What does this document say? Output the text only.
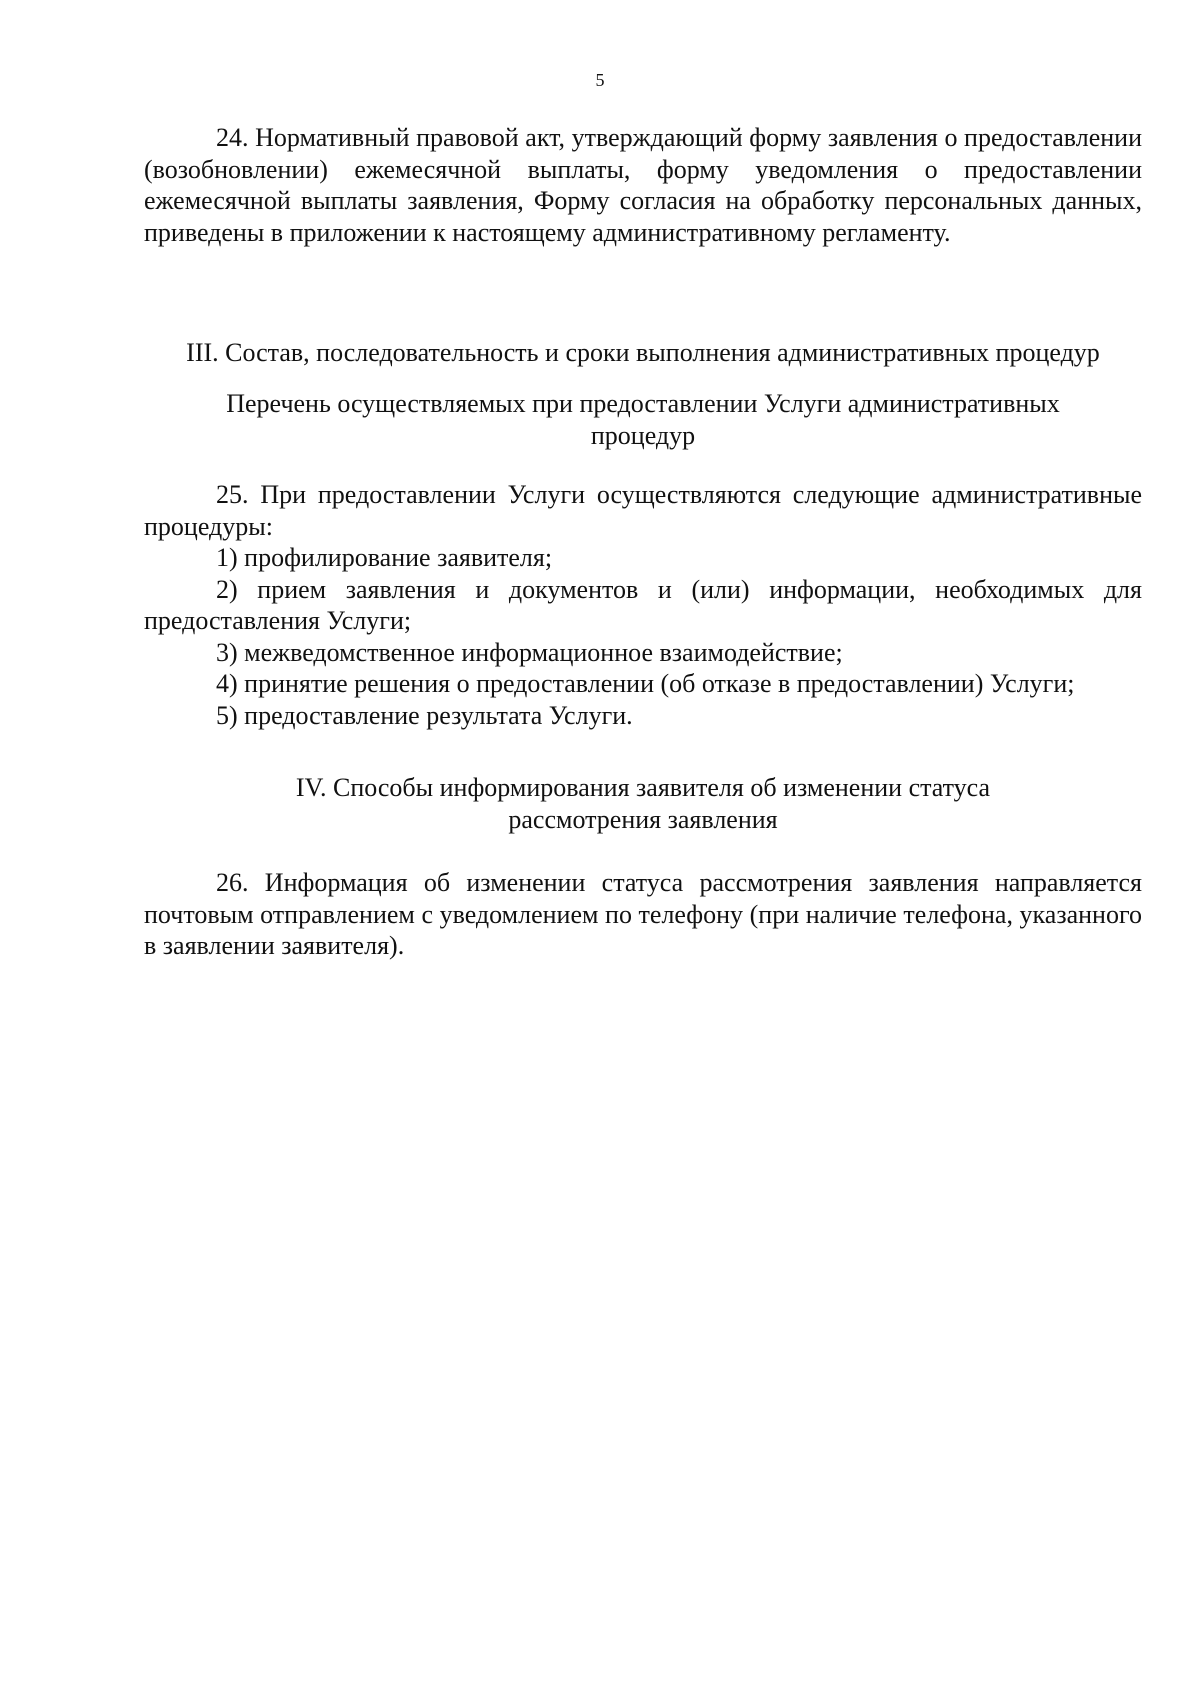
5

24. Нормативный правовой акт, утверждающий форму заявления о предоставлении (возобновлении) ежемесячной выплаты, форму уведомления о предоставлении ежемесячной выплаты заявления, Форму согласия на обработку персональных данных, приведены в приложении к настоящему административному регламенту.

III. Состав, последовательность и сроки выполнения административных процедур

Перечень осуществляемых при предоставлении Услуги административных

процедур

25. При предоставлении Услуги осуществляются следующие административные процедуры:

1) профилирование заявителя;

2) прием заявления и документов и (или) информации, необходимых для предоставления Услуги;

3) межведомственное информационное взаимодействие;

4) принятие решения о предоставлении (об отказе в предоставлении) Услуги;

5) предоставление результата Услуги.

IV. Способы информирования заявителя об изменении статуса

рассмотрения заявления

26. Информация об изменении статуса рассмотрения заявления направляется почтовым отправлением с уведомлением по телефону (при наличие телефона, указанного в заявлении заявителя).
